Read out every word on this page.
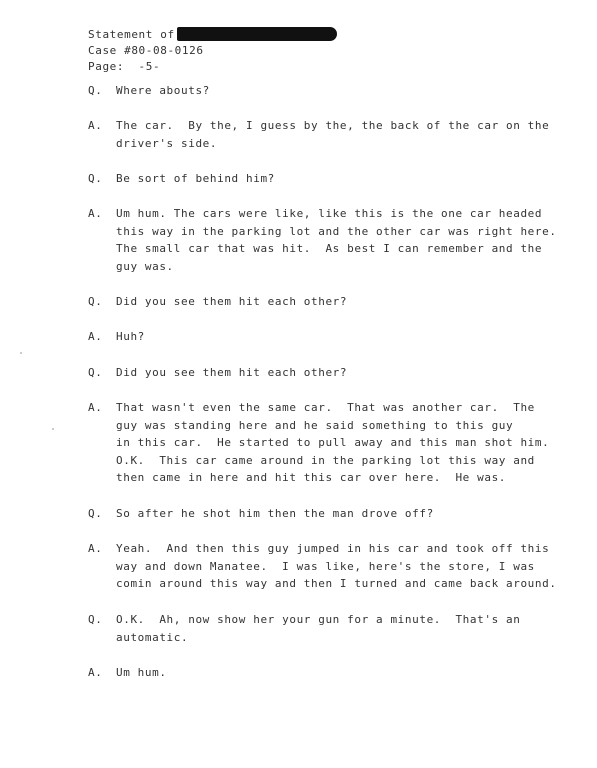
Statement of
Case #80-08-0126
Page:  -5-
Q. Where abouts?
A. The car.  By the, I guess by the, the back of the car on the
driver's side.
Q. Be sort of behind him?
A. Um hum. The cars were like, like this is the one car headed
this way in the parking lot and the other car was right here.
The small car that was hit.  As best I can remember and the
guy was.
Q. Did you see them hit each other?
A. Huh?
Q. Did you see them hit each other?
A. That wasn't even the same car.  That was another car.  The
guy was standing here and he said something to this guy
in this car.  He started to pull away and this man shot him.
O.K.  This car came around in the parking lot this way and
then came in here and hit this car over here.  He was.
Q. So after he shot him then the man drove off?
A. Yeah.  And then this guy jumped in his car and took off this
way and down Manatee.  I was like, here's the store, I was
comin around this way and then I turned and came back around.
Q. O.K.  Ah, now show her your gun for a minute.  That's an
automatic.
A. Um hum.
